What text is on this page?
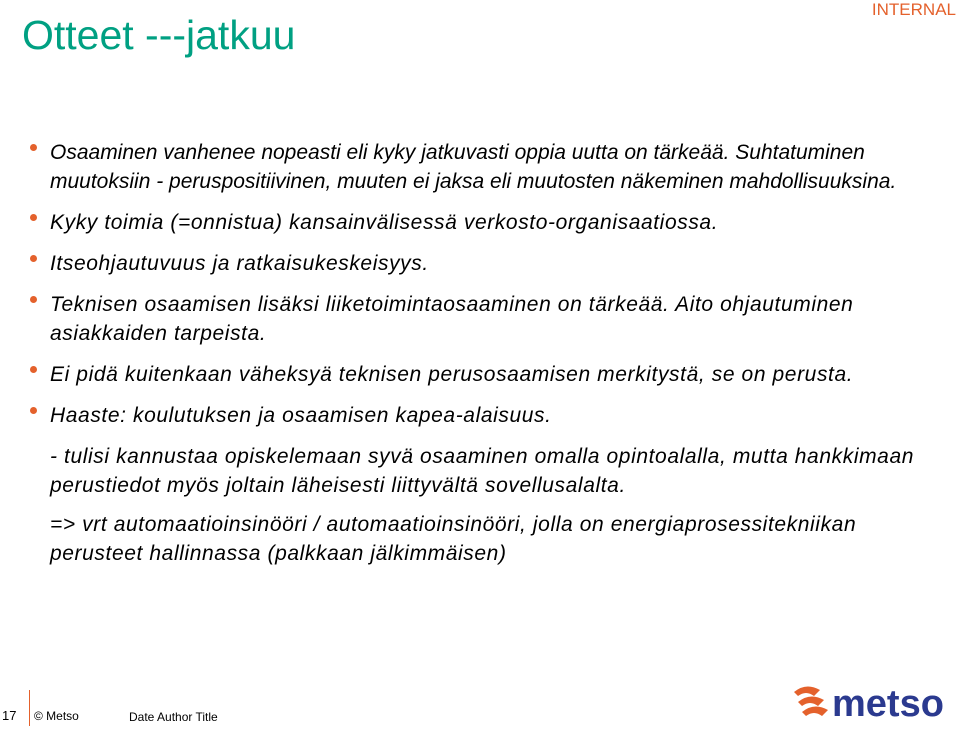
Otteet ---jatkuu
INTERNAL
Osaaminen vanhenee nopeasti eli kyky jatkuvasti oppia uutta on tärkeää. Suhtatuminen muutoksiin - peruspositiivinen, muuten ei jaksa eli muutosten näkeminen mahdollisuuksina.
Kyky toimia (=onnistua) kansainvälisessä verkosto-organisaatiossa.
Itseohjautuvuus ja ratkaisukeskeisyys.
Teknisen osaamisen lisäksi liiketoimintaosaaminen on tärkeää. Aito ohjautuminen asiakkaiden tarpeista.
Ei pidä kuitenkaan väheksyä teknisen perusosaamisen merkitystä, se on perusta.
Haaste: koulutuksen ja osaamisen kapea-alaisuus.
- tulisi kannustaa opiskelemaan syvä osaaminen omalla opintoalalla, mutta hankkimaan perustiedot myös joltain läheisesti liittyvältä sovellusalalta.
=> vrt automaatioinsinööri / automaatioinsinööri, jolla on energiaprosessitekniikan perusteet hallinnassa (palkkaan jälkimmäisen)
17 © Metso	Date Author Title	metso
